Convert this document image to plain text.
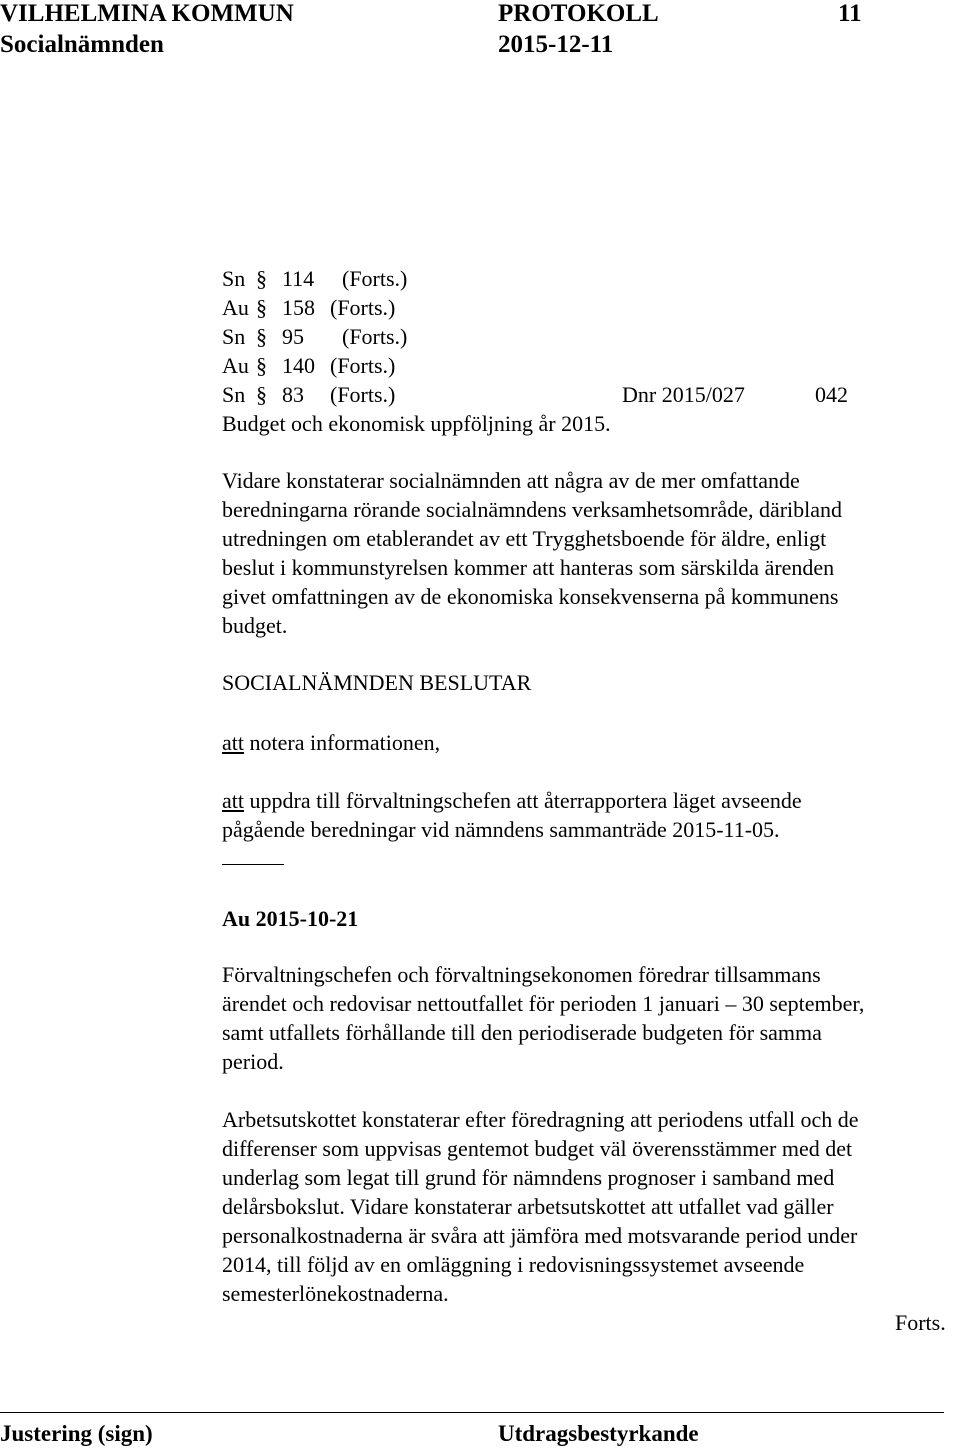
VILHELMINA KOMMUN	PROTOKOLL	11
Socialnämnden	2015-12-11
Sn § 114 (Forts.)
Au § 158 (Forts.)
Sn § 95 (Forts.)
Au § 140 (Forts.)
Sn § 83 (Forts.)
Budget och ekonomisk uppföljning år 2015.
Dnr 2015/027	042
Vidare konstaterar socialnämnden att några av de mer omfattande
beredningarna rörande socialnämndens verksamhetsområde, däribland
utredningen om etablerandet av ett Trygghetsboende för äldre, enligt
beslut i kommunstyrelsen kommer att hanteras som särskilda ärenden
givet omfattningen av de ekonomiska konsekvenserna på kommunens
budget.
SOCIALNÄMNDEN BESLUTAR
att notera informationen,
att uppdra till förvaltningschefen att återrapportera läget avseende
pågående beredningar vid nämndens sammanträde 2015-11-05.
Au 2015-10-21
Förvaltningschefen och förvaltningsekonomen föredrar tillsammans
ärendet och redovisar nettoutfallet för perioden 1 januari – 30 september,
samt utfallets förhållande till den periodiserade budgeten för samma
period.
Arbetsutskottet konstaterar efter föredragning att periodens utfall och de
differenser som uppvisas gentemot budget väl överensstämmer med det
underlag som legat till grund för nämndens prognoser i samband med
delårsbokslut. Vidare konstaterar arbetsutskottet att utfallet vad gäller
personalkostnaderna är svåra att jämföra med motsvarande period under
2014, till följd av en omläggning i redovisningssystemet avseende
semesterlönekostnaderna.
Forts.
Justering (sign)	Utdragsbestyrkande
